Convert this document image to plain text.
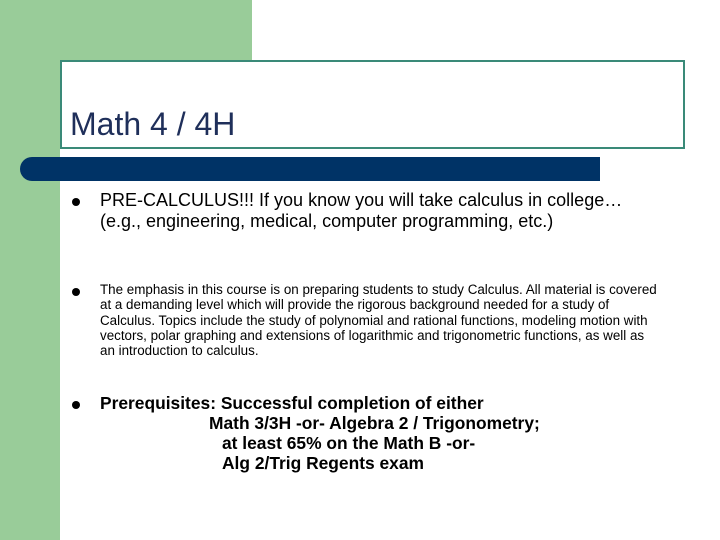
Math 4 / 4H
PRE-CALCULUS!!! If you know you will take calculus in college…(e.g., engineering, medical, computer programming, etc.)
The emphasis in this course is on preparing students to study Calculus. All material is covered at a demanding level which will provide the rigorous background needed for a study of Calculus. Topics include the study of polynomial and rational functions, modeling motion with vectors, polar graphing and extensions of logarithmic and trigonometric functions, as well as an introduction to calculus.
Prerequisites: Successful completion of either
Math 3/3H -or- Algebra 2 / Trigonometry;
at least 65% on the Math B -or-
Alg 2/Trig Regents exam
